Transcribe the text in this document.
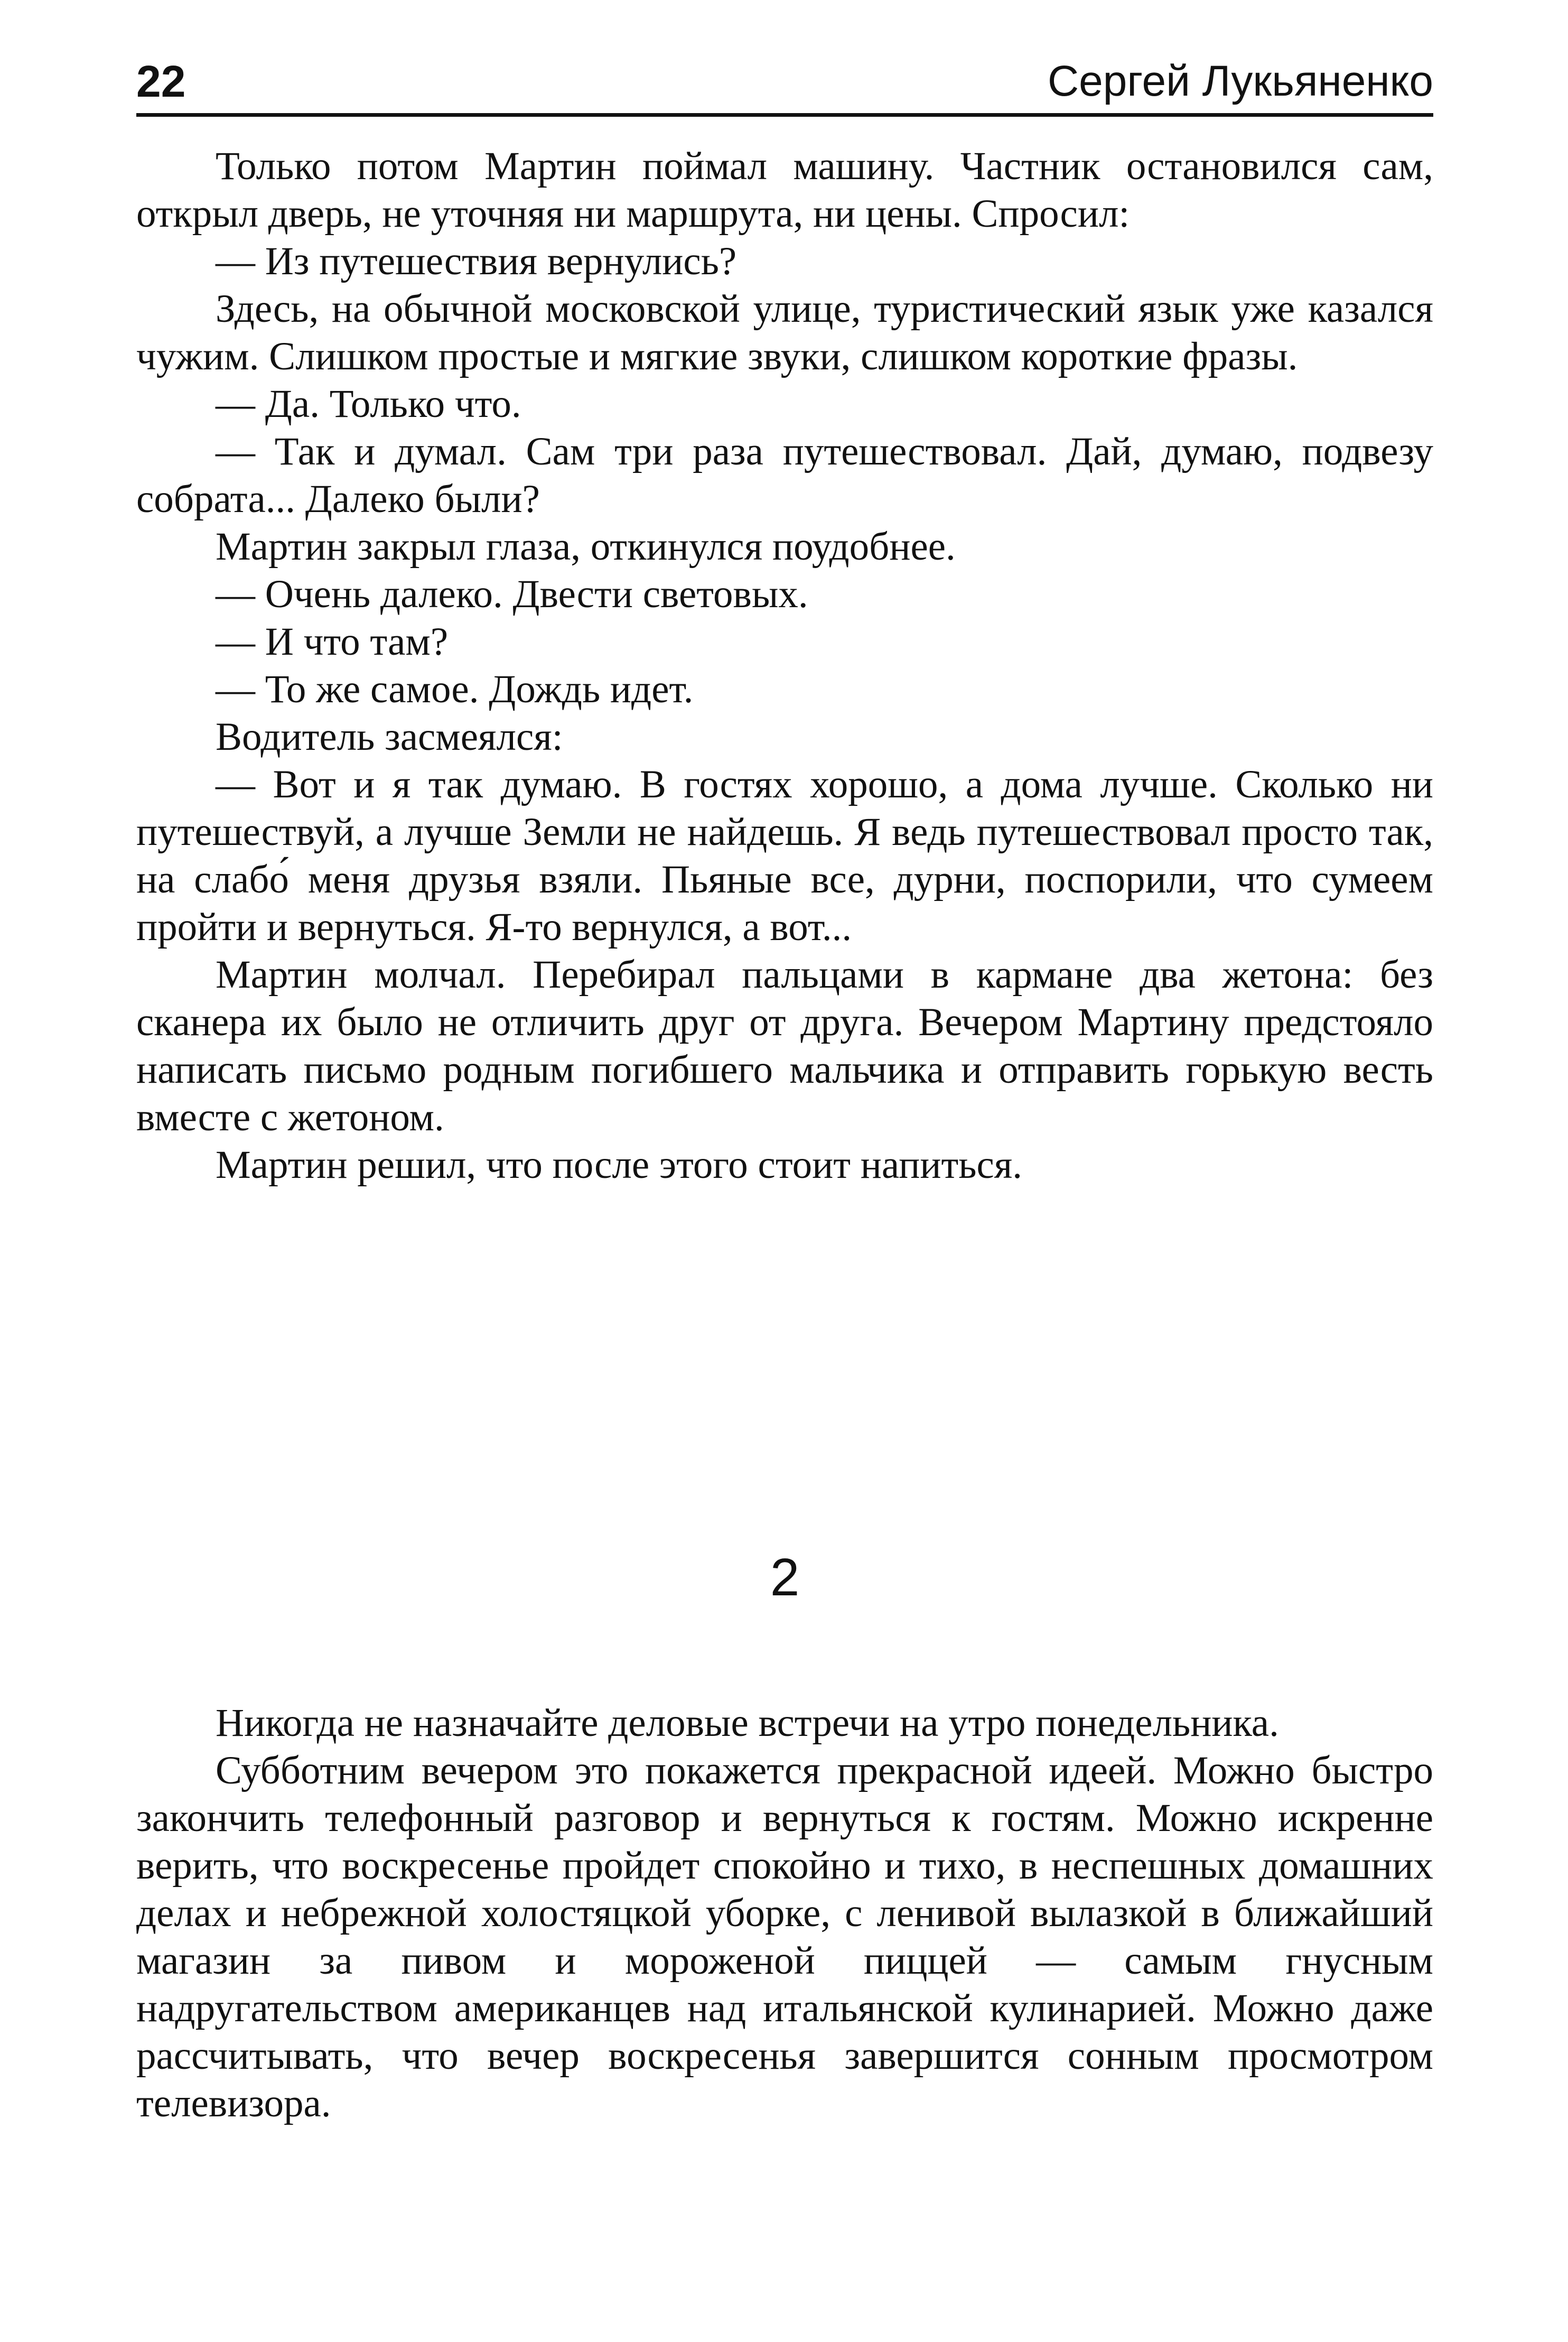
22	Сергей Лукьяненко

Только потом Мартин поймал машину. Частник остановился сам, открыл дверь, не уточняя ни маршрута, ни цены. Спросил:

— Из путешествия вернулись?

Здесь, на обычной московской улице, туристический язык уже казался чужим. Слишком простые и мягкие звуки, слишком короткие фразы.

— Да. Только что.

— Так и думал. Сам три раза путешествовал. Дай, думаю, подвезу собрата... Далеко были?

Мартин закрыл глаза, откинулся поудобнее.

— Очень далеко. Двести световых.

— И что там?

— То же самое. Дождь идет.

Водитель засмеялся:

— Вот и я так думаю. В гостях хорошо, а дома лучше. Сколько ни путешествуй, а лучше Земли не найдешь. Я ведь путешествовал просто так, на слабо́ меня друзья взяли. Пьяные все, дурни, поспорили, что сумеем пройти и вернуться. Я-то вернулся, а вот...

Мартин молчал. Перебирал пальцами в кармане два жетона: без сканера их было не отличить друг от друга. Вечером Мартину предстояло написать письмо родным погибшего мальчика и отправить горькую весть вместе с жетоном.

Мартин решил, что после этого стоит напиться.

2

Никогда не назначайте деловые встречи на утро понедельника.

Субботним вечером это покажется прекрасной идеей. Можно быстро закончить телефонный разговор и вернуться к гостям. Можно искренне верить, что воскресенье пройдет спокойно и тихо, в неспешных домашних делах и небрежной холостяцкой уборке, с ленивой вылазкой в ближайший магазин за пивом и мороженой пиццей — самым гнусным надругательством американцев над итальянской кулинарией. Можно даже рассчитывать, что вечер воскресенья завершится сонным просмотром телевизора.
